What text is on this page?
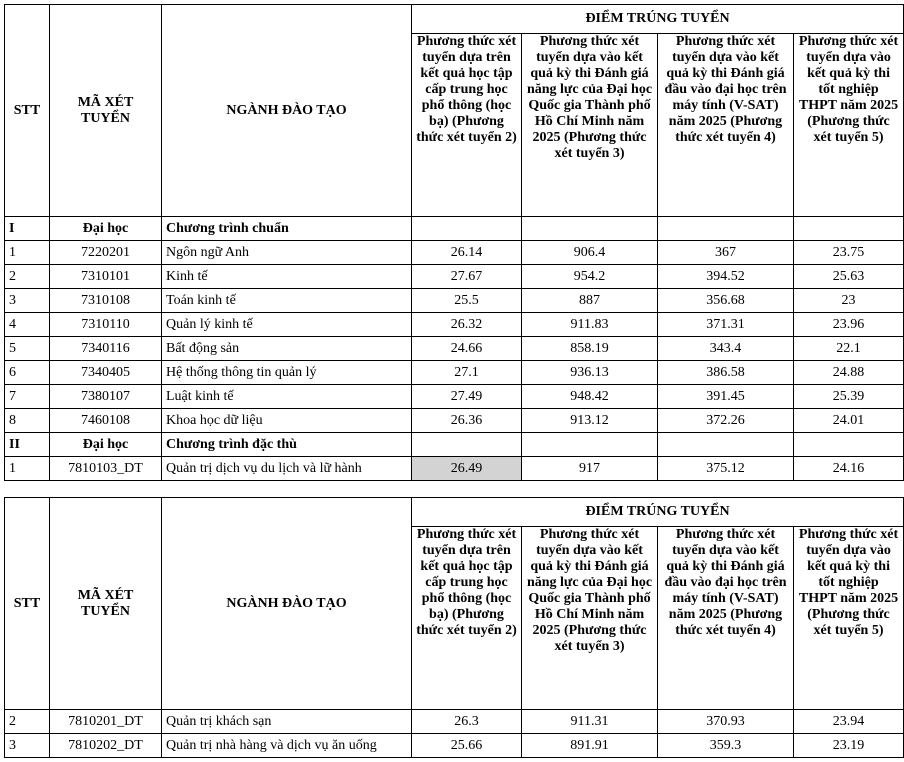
STT	MÃ XÉT TUYỂN	NGÀNH ĐÀO TẠO	ĐIỂM TRÚNG TUYỂN			
			Phương thức xét tuyển dựa trên kết quả học tập cấp trung học phổ thông (học bạ) (Phương thức xét tuyển 2)	Phương thức xét tuyển dựa vào kết quả kỳ thi Đánh giá năng lực của Đại học Quốc gia Thành phố Hồ Chí Minh năm 2025 (Phương thức xét tuyển 3)	Phương thức xét tuyển dựa vào kết quả kỳ thi Đánh giá đầu vào đại học trên máy tính (V-SAT) năm 2025 (Phương thức xét tuyển 4)	Phương thức xét tuyển dựa vào kết quả kỳ thi tốt nghiệp THPT năm 2025 (Phương thức xét tuyển 5)
I	Đại học	Chương trình chuẩn				
1	7220201	Ngôn ngữ Anh	26.14	906.4	367	23.75
2	7310101	Kinh tế	27.67	954.2	394.52	25.63
3	7310108	Toán kinh tế	25.5	887	356.68	23
4	7310110	Quản lý kinh tế	26.32	911.83	371.31	23.96
5	7340116	Bất động sản	24.66	858.19	343.4	22.1
6	7340405	Hệ thống thông tin quản lý	27.1	936.13	386.58	24.88
7	7380107	Luật kinh tế	27.49	948.42	391.45	25.39
8	7460108	Khoa học dữ liệu	26.36	913.12	372.26	24.01
II	Đại học	Chương trình đặc thù				
1	7810103_DT	Quản trị dịch vụ du lịch và lữ hành	26.49	917	375.12	24.16
STT	MÃ XÉT TUYỂN	NGÀNH ĐÀO TẠO	ĐIỂM TRÚNG TUYỂN			
			Phương thức xét tuyển dựa trên kết quả học tập cấp trung học phổ thông (học bạ) (Phương thức xét tuyển 2)	Phương thức xét tuyển dựa vào kết quả kỳ thi Đánh giá năng lực của Đại học Quốc gia Thành phố Hồ Chí Minh năm 2025 (Phương thức xét tuyển 3)	Phương thức xét tuyển dựa vào kết quả kỳ thi Đánh giá đầu vào đại học trên máy tính (V-SAT) năm 2025 (Phương thức xét tuyển 4)	Phương thức xét tuyển dựa vào kết quả kỳ thi tốt nghiệp THPT năm 2025 (Phương thức xét tuyển 5)
2	7810201_DT	Quản trị khách sạn	26.3	911.31	370.93	23.94
3	7810202_DT	Quản trị nhà hàng và dịch vụ ăn uống	25.66	891.91	359.3	23.19
